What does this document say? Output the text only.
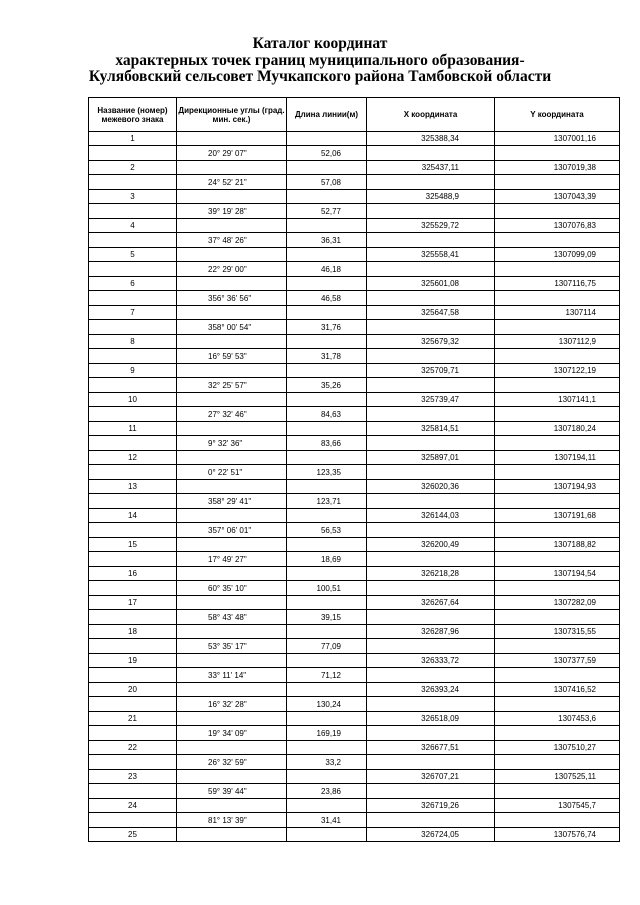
Каталог координат
характерных точек границ муниципального образования-
Кулябовский сельсовет Мучкапского района Тамбовской области
Название (номер) межевого знака	Дирекционные углы (град. мин. сек.)	Длина линии(м)	X координата	Y координата
1			325388,34	1307001,16
	20° 29' 07"	52,06		
2			325437,11	1307019,38
	24° 52' 21"	57,08		
3			325488,9	1307043,39
	39° 19' 28"	52,77		
4			325529,72	1307076,83
	37° 48' 26"	36,31		
5			325558,41	1307099,09
	22° 29' 00"	46,18		
6			325601,08	1307116,75
	356° 36' 56"	46,58		
7			325647,58	1307114
	358° 00' 54"	31,76		
8			325679,32	1307112,9
	16° 59' 53"	31,78		
9			325709,71	1307122,19
	32° 25' 57"	35,26		
10			325739,47	1307141,1
	27° 32' 46"	84,63		
11			325814,51	1307180,24
	9° 32' 36"	83,66		
12			325897,01	1307194,11
	0° 22' 51"	123,35		
13			326020,36	1307194,93
	358° 29' 41"	123,71		
14			326144,03	1307191,68
	357° 06' 01"	56,53		
15			326200,49	1307188,82
	17° 49' 27"	18,69		
16			326218,28	1307194,54
	60° 35' 10"	100,51		
17			326267,64	1307282,09
	58° 43' 48"	39,15		
18			326287,96	1307315,55
	53° 35' 17"	77,09		
19			326333,72	1307377,59
	33° 11' 14"	71,12		
20			326393,24	1307416,52
	16° 32' 28"	130,24		
21			326518,09	1307453,6
	19° 34' 09"	169,19		
22			326677,51	1307510,27
	26° 32' 59"	33,2		
23			326707,21	1307525,11
	59° 39' 44"	23,86		
24			326719,26	1307545,7
	81° 13' 39"	31,41		
25			326724,05	1307576,74
